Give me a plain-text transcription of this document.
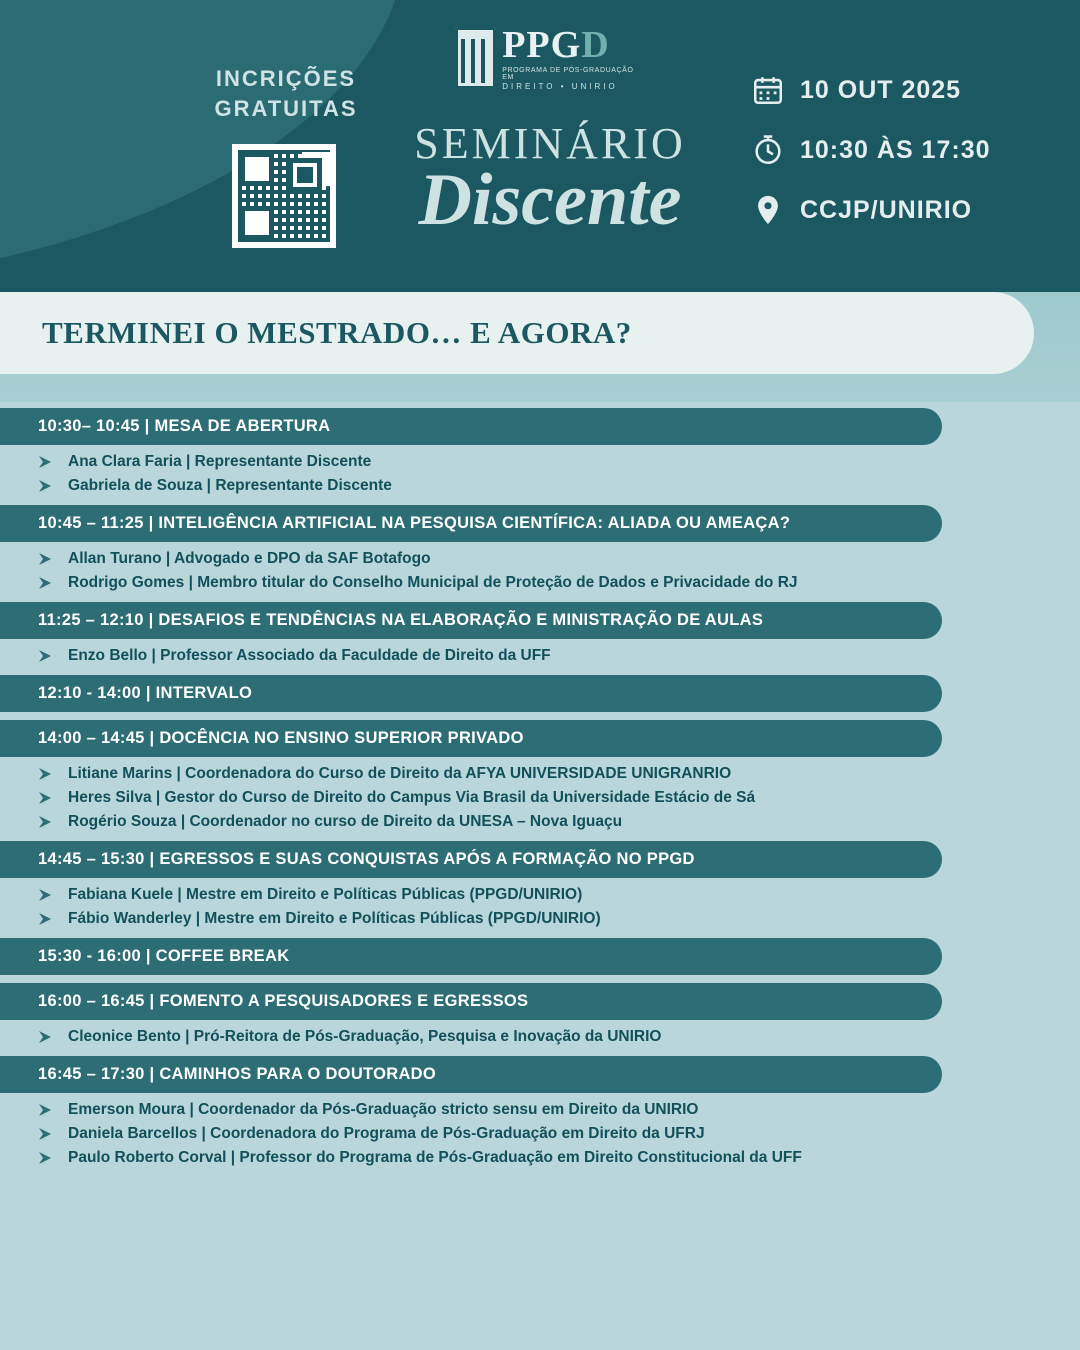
INCRIÇÕES
GRATUITAS
PPGD
PROGRAMA DE PÓS-GRADUAÇÃO EM
DIREITO • UNIRIO
SEMINÁRIO
Discente
10 OUT 2025
10:30 ÀS 17:30
CCJP/UNIRIO
TERMINEI O MESTRADO… E AGORA?
10:30– 10:45 | MESA DE ABERTURA
Ana Clara Faria | Representante Discente
Gabriela de Souza | Representante Discente
10:45 – 11:25 | INTELIGÊNCIA ARTIFICIAL NA PESQUISA CIENTÍFICA: ALIADA OU AMEAÇA?
Allan Turano | Advogado e DPO da SAF Botafogo
Rodrigo Gomes | Membro titular do Conselho Municipal de Proteção de Dados e Privacidade do RJ
11:25 – 12:10 | DESAFIOS E TENDÊNCIAS NA ELABORAÇÃO E MINISTRAÇÃO DE AULAS
Enzo Bello | Professor Associado da Faculdade de Direito da UFF
12:10 - 14:00 | INTERVALO
14:00 – 14:45 | DOCÊNCIA NO ENSINO SUPERIOR PRIVADO
Litiane Marins | Coordenadora do Curso de Direito da AFYA UNIVERSIDADE UNIGRANRIO
Heres Silva | Gestor do Curso de Direito do Campus Via Brasil da Universidade Estácio de Sá
Rogério Souza | Coordenador no curso de Direito da UNESA – Nova Iguaçu
14:45 – 15:30 | EGRESSOS E SUAS CONQUISTAS APÓS A FORMAÇÃO NO PPGD
Fabiana Kuele | Mestre em Direito e Políticas Públicas (PPGD/UNIRIO)
Fábio Wanderley | Mestre em Direito e Políticas Públicas (PPGD/UNIRIO)
15:30 - 16:00 | COFFEE BREAK
16:00 – 16:45 | FOMENTO A PESQUISADORES E EGRESSOS
Cleonice Bento | Pró-Reitora de Pós-Graduação, Pesquisa e Inovação da UNIRIO
16:45 – 17:30 | CAMINHOS PARA O DOUTORADO
Emerson Moura | Coordenador da Pós-Graduação stricto sensu em Direito da UNIRIO
Daniela Barcellos | Coordenadora do Programa de Pós-Graduação em Direito da UFRJ
Paulo Roberto Corval | Professor do Programa de Pós-Graduação em Direito Constitucional da UFF
